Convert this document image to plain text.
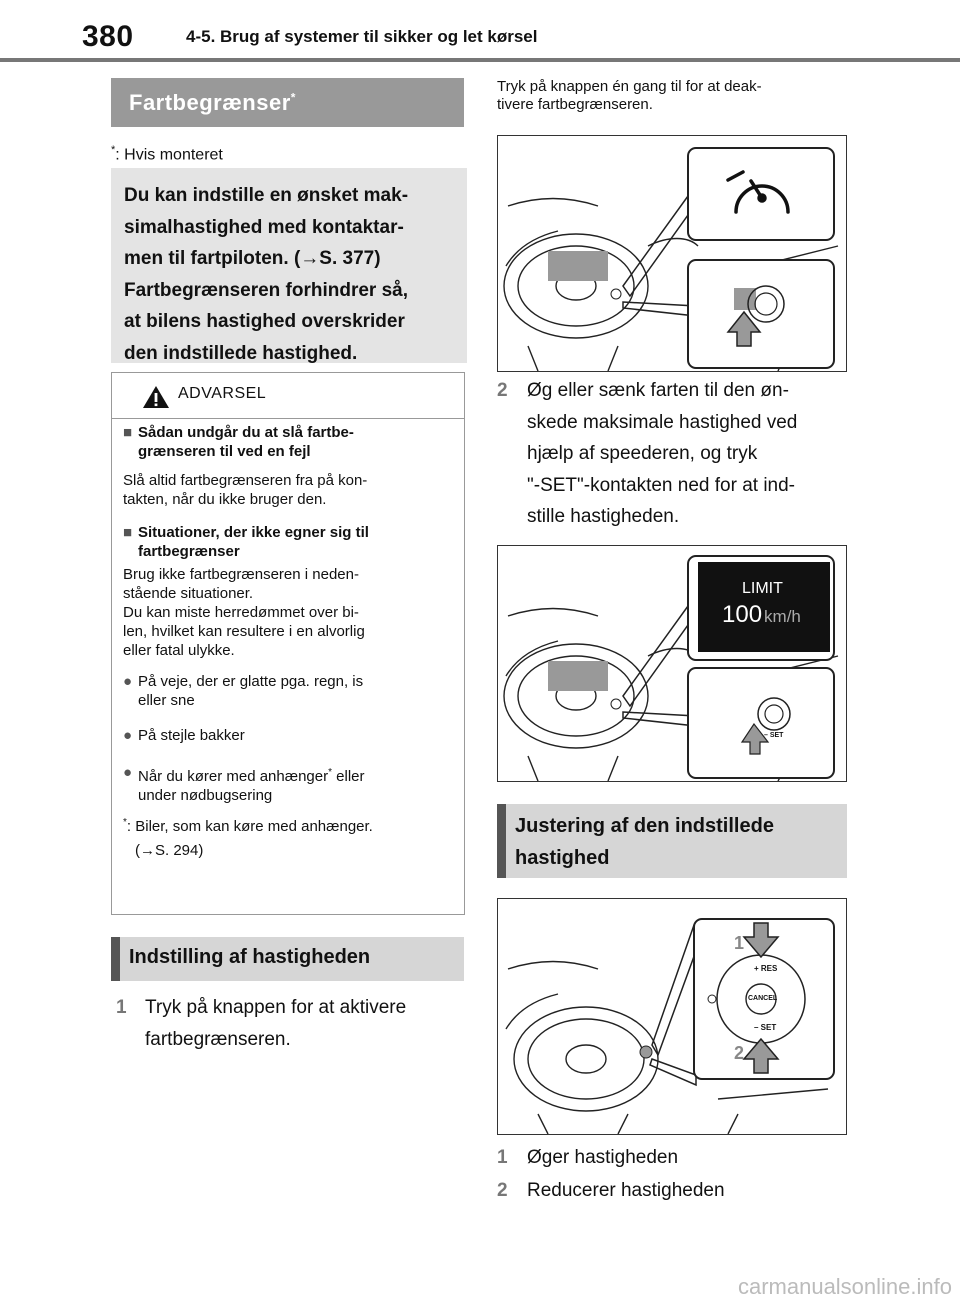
380	4-5. Brug af systemer til sikker og let kørsel
Fartbegrænser*
*: Hvis monteret
Du kan indstille en ønsket mak-
simalhastighed med kontaktar-
men til fartpiloten. (→S. 377)
Fartbegrænseren forhindrer så,
at bilens hastighed overskrider
den indstillede hastighed.
ADVARSEL
■ Sådan undgår du at slå fartbe-
grænseren til ved en fejl
Slå altid fartbegrænseren fra på kon-
takten, når du ikke bruger den.
■ Situationer, der ikke egner sig til
fartbegrænser
Brug ikke fartbegrænseren i neden-
stående situationer.
Du kan miste herredømmet over bi-
len, hvilket kan resultere i en alvorlig
eller fatal ulykke.
● På veje, der er glatte pga. regn, is
eller sne
● På stejle bakker
● Når du kører med anhænger* eller
under nødbugsering
*: Biler, som kan køre med anhænger.
(→S. 294)
Indstilling af hastigheden
1 Tryk på knappen for at aktivere
fartbegrænseren.
Tryk på knappen én gang til for at deak-
tivere fartbegrænseren.
2 Øg eller sænk farten til den øn-
skede maksimale hastighed ved
hjælp af speederen, og tryk
"-SET"-kontakten ned for at ind-
stille hastigheden.
LIMIT
100 km/h
– SET
Justering af den indstillede
hastighed
+ RES
CANCEL
– SET
1
2
1 Øger hastigheden
2 Reducerer hastigheden
carmanualsonline.info
